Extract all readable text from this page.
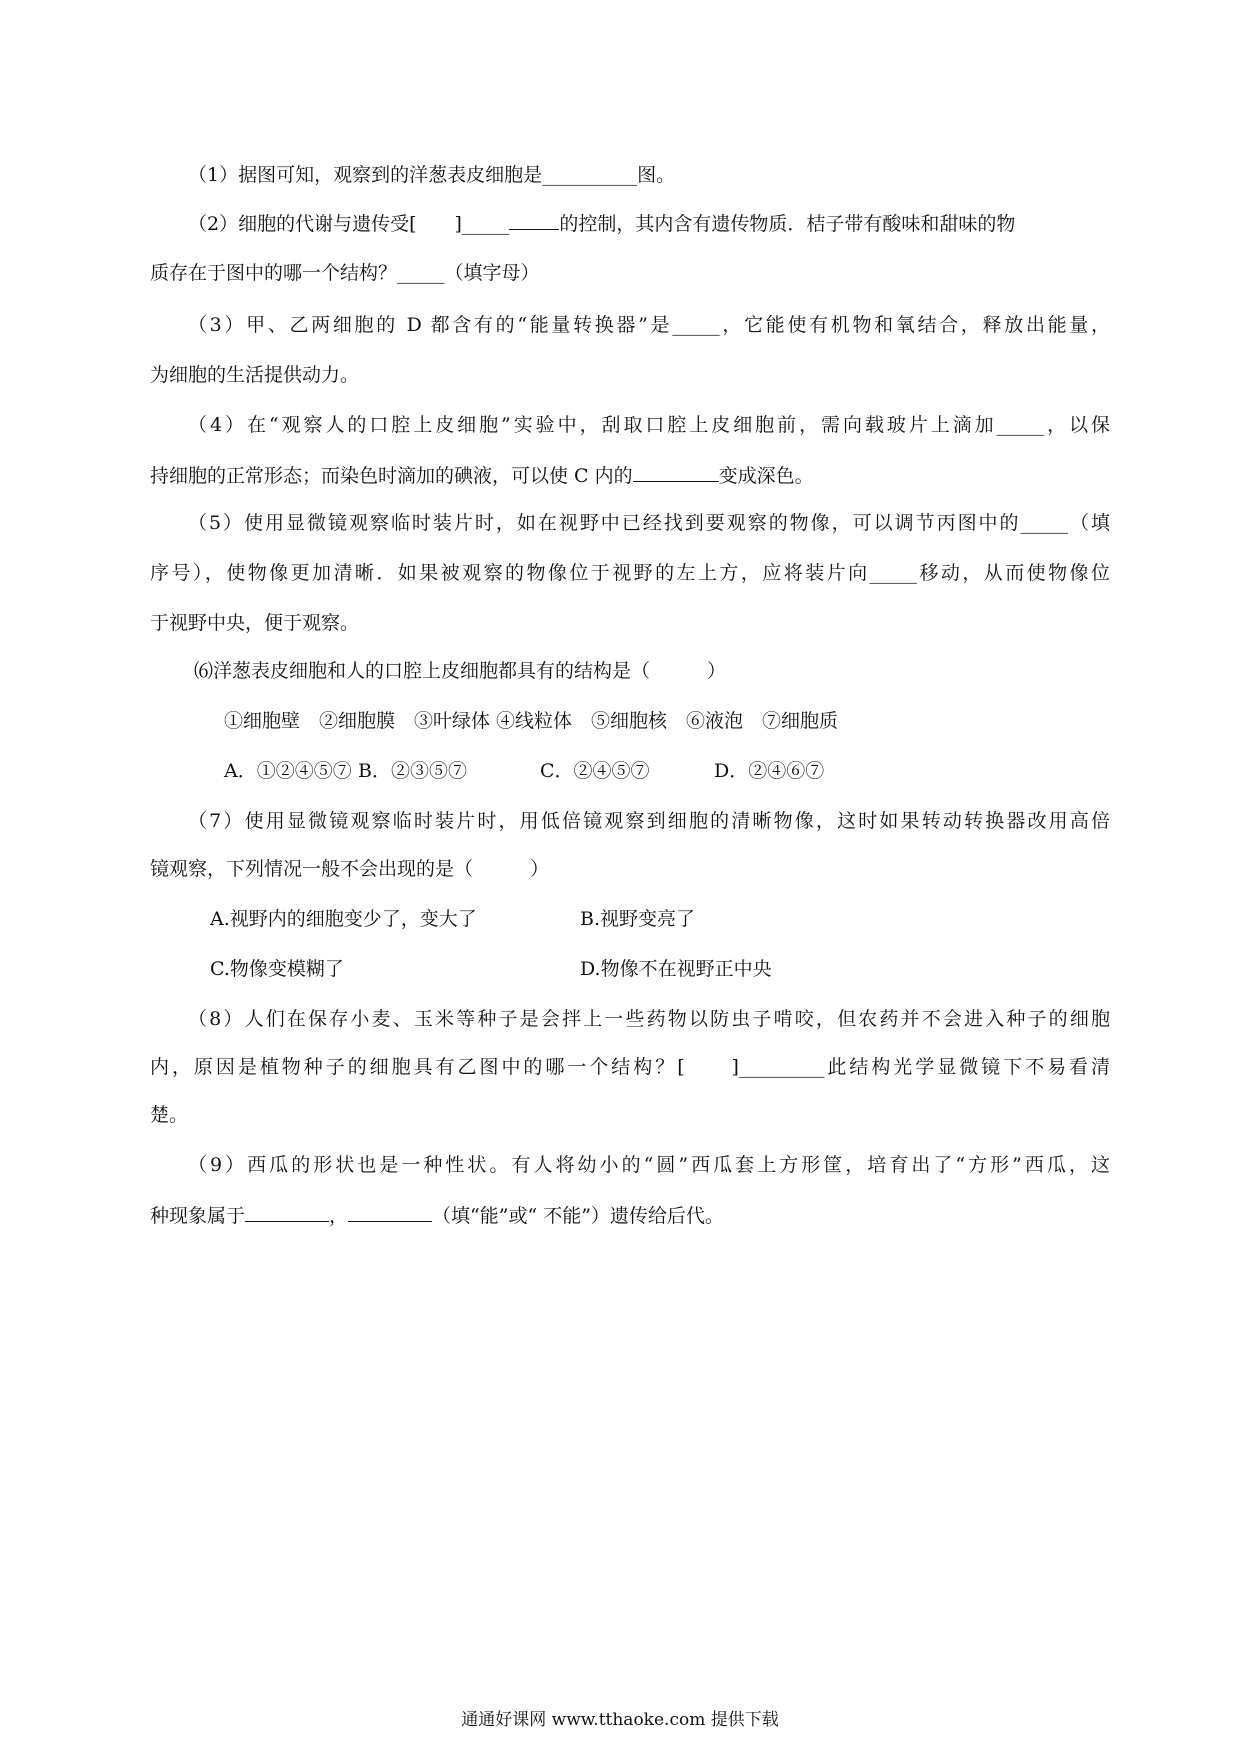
（1）据图可知，观察到的洋葱表皮细胞是__________图。
（2）细胞的代谢与遗传受[　　]_____	的控制，其内含有遗传物质．桔子带有酸味和甜味的物
质存在于图中的哪一个结构？_____（填字母）
（3）甲、乙两细胞的 D 都含有的“能量转换器”是_____，它能使有机物和氧结合，释放出能量，
为细胞的生活提供动力。
（4）在“观察人的口腔上皮细胞”实验中，刮取口腔上皮细胞前，需向载玻片上滴加_____，以保
持细胞的正常形态；而染色时滴加的碘液，可以使 C 内的	变成深色。
（5）使用显微镜观察临时装片时，如在视野中已经找到要观察的物像，可以调节丙图中的_____（填
序号），使物像更加清晰．如果被观察的物像位于视野的左上方，应将装片向_____移动，从而使物像位
于视野中央，便于观察。
⑹洋葱表皮细胞和人的口腔上皮细胞都具有的结构是（　　　）
①细胞壁　②细胞膜　③叶绿体 ④线粒体　⑤细胞核　⑥液泡　⑦细胞质
A．①②④⑤⑦ B．②③⑤⑦	C．②④⑤⑦	D．②④⑥⑦
（7）使用显微镜观察临时装片时，用低倍镜观察到细胞的清晰物像，这时如果转动转换器改用高倍
镜观察，下列情况一般不会出现的是（　　　）
A.视野内的细胞变少了，变大了	B.视野变亮了
C.物像变模糊了	D.物像不在视野正中央
（8）人们在保存小麦、玉米等种子是会拌上一些药物以防虫子啃咬，但农药并不会进入种子的细胞
内，原因是植物种子的细胞具有乙图中的哪一个结构？[　　]_________此结构光学显微镜下不易看清
楚。
（9）西瓜的形状也是一种性状。有人将幼小的“圆”西瓜套上方形筐，培育出了“方形”西瓜，这
种现象属于	，	（填“能”或“ 不能”）遗传给后代。
通通好课网 www.tthaoke.com 提供下载
